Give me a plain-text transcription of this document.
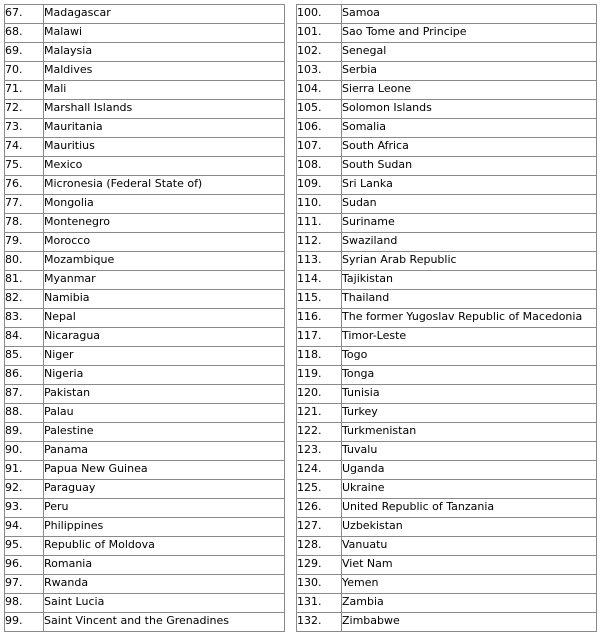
67.	Madagascar
68.	Malawi
69.	Malaysia
70.	Maldives
71.	Mali
72.	Marshall Islands
73.	Mauritania
74.	Mauritius
75.	Mexico
76.	Micronesia (Federal State of)
77.	Mongolia
78.	Montenegro
79.	Morocco
80.	Mozambique
81.	Myanmar
82.	Namibia
83.	Nepal
84.	Nicaragua
85.	Niger
86.	Nigeria
87.	Pakistan
88.	Palau
89.	Palestine
90.	Panama
91.	Papua New Guinea
92.	Paraguay
93.	Peru
94.	Philippines
95.	Republic of Moldova
96.	Romania
97.	Rwanda
98.	Saint Lucia
99.	Saint Vincent and the Grenadines
100.	Samoa
101.	Sao Tome and Principe
102.	Senegal
103.	Serbia
104.	Sierra Leone
105.	Solomon Islands
106.	Somalia
107.	South Africa
108.	South Sudan
109.	Sri Lanka
110.	Sudan
111.	Suriname
112.	Swaziland
113.	Syrian Arab Republic
114.	Tajikistan
115.	Thailand
116.	The former Yugoslav Republic of Macedonia
117.	Timor-Leste
118.	Togo
119.	Tonga
120.	Tunisia
121.	Turkey
122.	Turkmenistan
123.	Tuvalu
124.	Uganda
125.	Ukraine
126.	United Republic of Tanzania
127.	Uzbekistan
128.	Vanuatu
129.	Viet Nam
130.	Yemen
131.	Zambia
132.	Zimbabwe
